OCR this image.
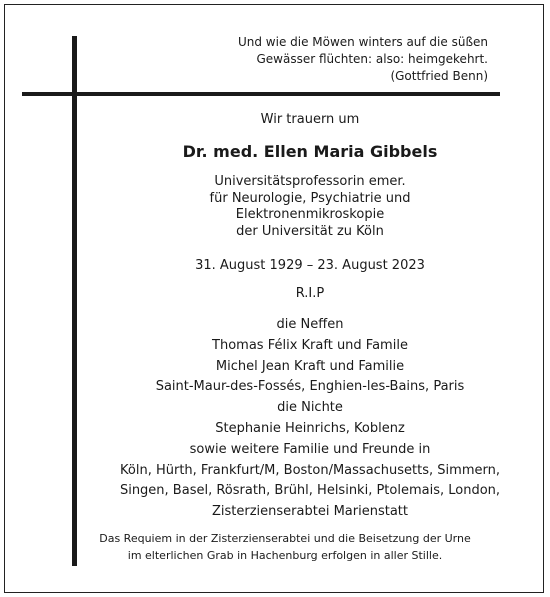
Und wie die Möwen winters auf die süßen
Gewässer flüchten: also: heimgekehrt.
(Gottfried Benn)
Wir trauern um
Dr. med. Ellen Maria Gibbels
Universitätsprofessorin emer.
für Neurologie, Psychiatrie und
Elektronenmikroskopie
der Universität zu Köln
31. August 1929 – 23. August 2023
R.I.P
die Neffen
Thomas Félix Kraft und Famile
Michel Jean Kraft und Familie
Saint-Maur-des-Fossés, Enghien-les-Bains, Paris
die Nichte
Stephanie Heinrichs, Koblenz
sowie weitere Familie und Freunde in
Köln, Hürth, Frankfurt/M, Boston/Massachusetts, Simmern,
Singen, Basel, Rösrath, Brühl, Helsinki, Ptolemais, London,
Zisterzienserabtei Marienstatt
Das Requiem in der Zisterzienserabtei und die Beisetzung der Urne
im elterlichen Grab in Hachenburg erfolgen in aller Stille.
